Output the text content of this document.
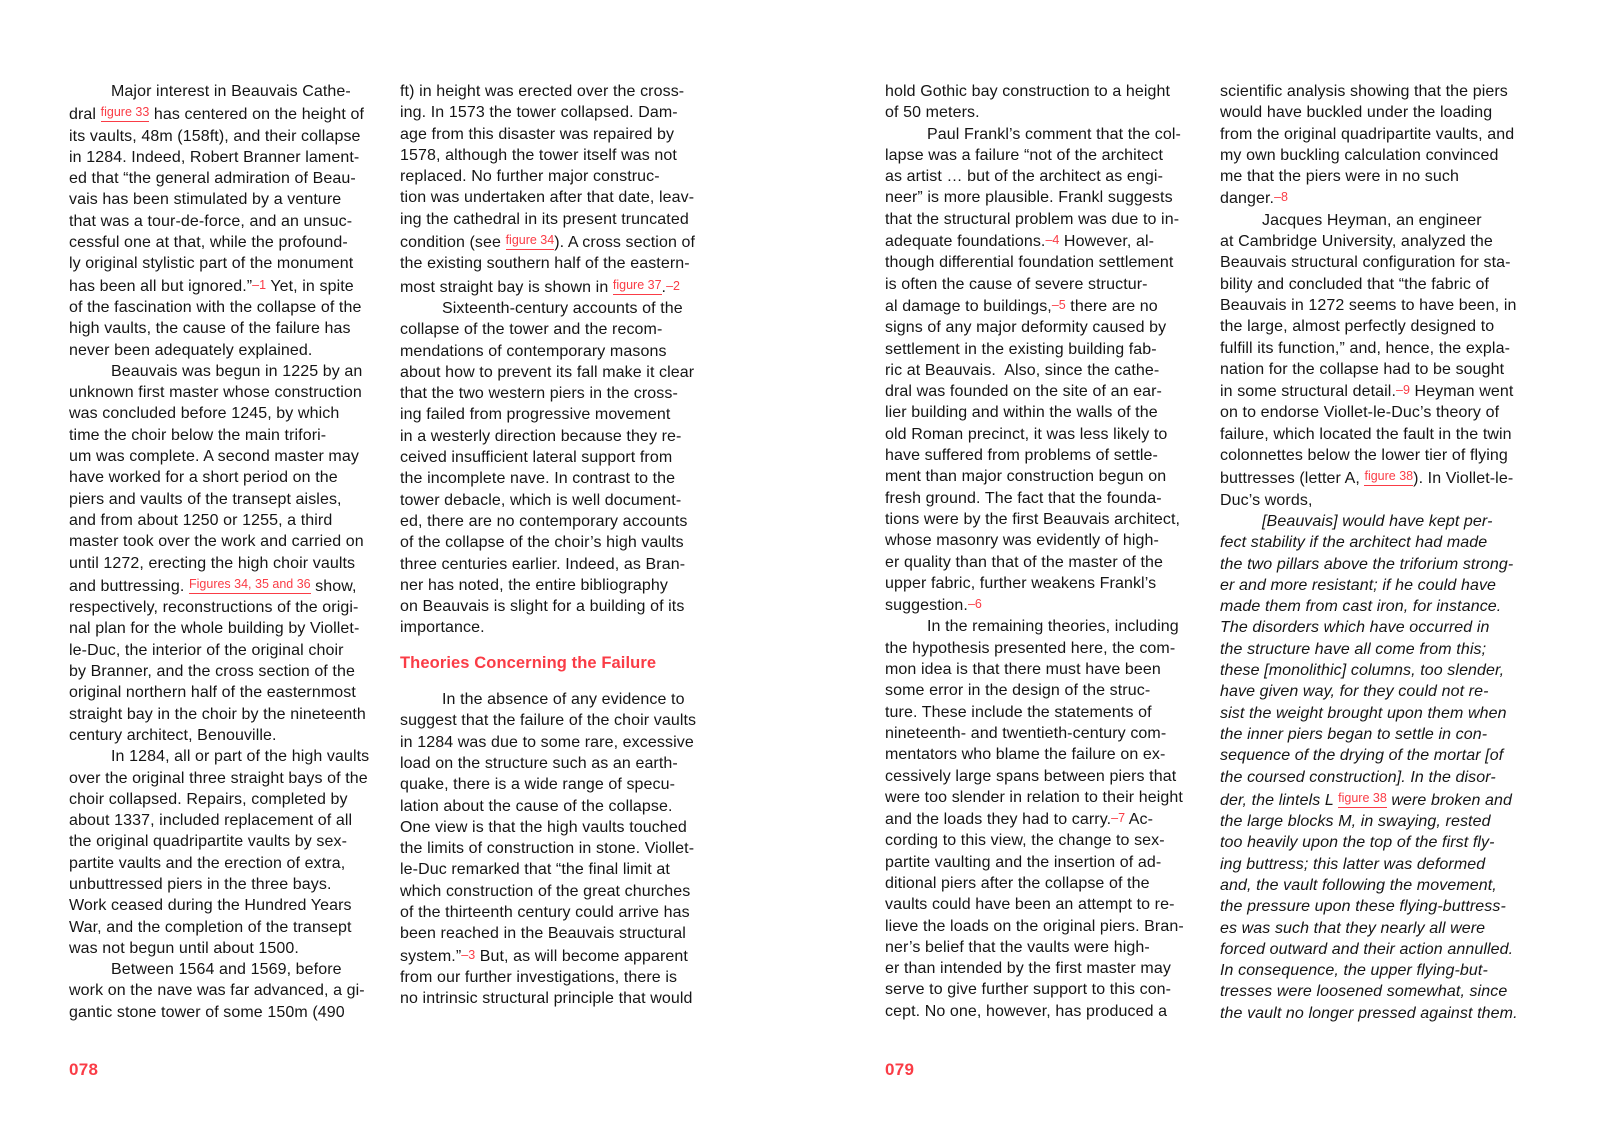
Major interest in Beauvais Cathe-
dral figure 33 has centered on the height of
its vaults, 48m (158ft), and their collapse
in 1284. Indeed, Robert Branner lament-
ed that “the general admiration of Beau-
vais has been stimulated by a venture
that was a tour-de-force, and an unsuc-
cessful one at that, while the profound-
ly original stylistic part of the monument
has been all but ignored.”–1 Yet, in spite
of the fascination with the collapse of the
high vaults, the cause of the failure has
never been adequately explained.
Beauvais was begun in 1225 by an
unknown first master whose construction
was concluded before 1245, by which
time the choir below the main trifori-
um was complete. A second master may
have worked for a short period on the
piers and vaults of the transept aisles,
and from about 1250 or 1255, a third
master took over the work and carried on
until 1272, erecting the high choir vaults
and buttressing. Figures 34, 35 and 36 show,
respectively, reconstructions of the origi-
nal plan for the whole building by Viollet-
le-Duc, the interior of the original choir
by Branner, and the cross section of the
original northern half of the easternmost
straight bay in the choir by the nineteenth
century architect, Benouville.
In 1284, all or part of the high vaults
over the original three straight bays of the
choir collapsed. Repairs, completed by
about 1337, included replacement of all
the original quadripartite vaults by sex-
partite vaults and the erection of extra,
unbuttressed piers in the three bays.
Work ceased during the Hundred Years
War, and the completion of the transept
was not begun until about 1500.
Between 1564 and 1569, before
work on the nave was far advanced, a gi-
gantic stone tower of some 150m (490
ft) in height was erected over the cross-
ing. In 1573 the tower collapsed. Dam-
age from this disaster was repaired by
1578, although the tower itself was not
replaced. No further major construc-
tion was undertaken after that date, leav-
ing the cathedral in its present truncated
condition (see figure 34). A cross section of
the existing southern half of the eastern-
most straight bay is shown in figure 37.–2
Sixteenth-century accounts of the
collapse of the tower and the recom-
mendations of contemporary masons
about how to prevent its fall make it clear
that the two western piers in the cross-
ing failed from progressive movement
in a westerly direction because they re-
ceived insufficient lateral support from
the incomplete nave. In contrast to the
tower debacle, which is well document-
ed, there are no contemporary accounts
of the collapse of the choir’s high vaults
three centuries earlier. Indeed, as Bran-
ner has noted, the entire bibliography
on Beauvais is slight for a building of its
importance.
Theories Concerning the Failure
In the absence of any evidence to
suggest that the failure of the choir vaults
in 1284 was due to some rare, excessive
load on the structure such as an earth-
quake, there is a wide range of specu-
lation about the cause of the collapse.
One view is that the high vaults touched
the limits of construction in stone. Viollet-
le-Duc remarked that “the final limit at
which construction of the great churches
of the thirteenth century could arrive has
been reached in the Beauvais structural
system.”–3 But, as will become apparent
from our further investigations, there is
no intrinsic structural principle that would
hold Gothic bay construction to a height
of 50 meters.
Paul Frankl’s comment that the col-
lapse was a failure “not of the architect
as artist … but of the architect as engi-
neer” is more plausible. Frankl suggests
that the structural problem was due to in-
adequate foundations.–4 However, al-
though differential foundation settlement
is often the cause of severe structur-
al damage to buildings,–5 there are no
signs of any major deformity caused by
settlement in the existing building fab-
ric at Beauvais.  Also, since the cathe-
dral was founded on the site of an ear-
lier building and within the walls of the
old Roman precinct, it was less likely to
have suffered from problems of settle-
ment than major construction begun on
fresh ground. The fact that the founda-
tions were by the first Beauvais architect,
whose masonry was evidently of high-
er quality than that of the master of the
upper fabric, further weakens Frankl’s
suggestion.–6
In the remaining theories, including
the hypothesis presented here, the com-
mon idea is that there must have been
some error in the design of the struc-
ture. These include the statements of
nineteenth- and twentieth-century com-
mentators who blame the failure on ex-
cessively large spans between piers that
were too slender in relation to their height
and the loads they had to carry.–7 Ac-
cording to this view, the change to sex-
partite vaulting and the insertion of ad-
ditional piers after the collapse of the
vaults could have been an attempt to re-
lieve the loads on the original piers. Bran-
ner’s belief that the vaults were high-
er than intended by the first master may
serve to give further support to this con-
cept. No one, however, has produced a
scientific analysis showing that the piers
would have buckled under the loading
from the original quadripartite vaults, and
my own buckling calculation convinced
me that the piers were in no such
danger.–8
Jacques Heyman, an engineer
at Cambridge University, analyzed the
Beauvais structural configuration for sta-
bility and concluded that “the fabric of
Beauvais in 1272 seems to have been, in
the large, almost perfectly designed to
fulfill its function,” and, hence, the expla-
nation for the collapse had to be sought
in some structural detail.–9 Heyman went
on to endorse Viollet-le-Duc’s theory of
failure, which located the fault in the twin
colonnettes below the lower tier of flying
buttresses (letter A, figure 38). In Viollet-le-
Duc’s words,
[Beauvais] would have kept per-
fect stability if the architect had made
the two pillars above the triforium strong-
er and more resistant; if he could have
made them from cast iron, for instance.
The disorders which have occurred in
the structure have all come from this;
these [monolithic] columns, too slender,
have given way, for they could not re-
sist the weight brought upon them when
the inner piers began to settle in con-
sequence of the drying of the mortar [of
the coursed construction]. In the disor-
der, the lintels L figure 38 were broken and
the large blocks M, in swaying, rested
too heavily upon the top of the first fly-
ing buttress; this latter was deformed
and, the vault following the movement,
the pressure upon these flying-buttress-
es was such that they nearly all were
forced outward and their action annulled.
In consequence, the upper flying-but-
tresses were loosened somewhat, since
the vault no longer pressed against them.
078	079
